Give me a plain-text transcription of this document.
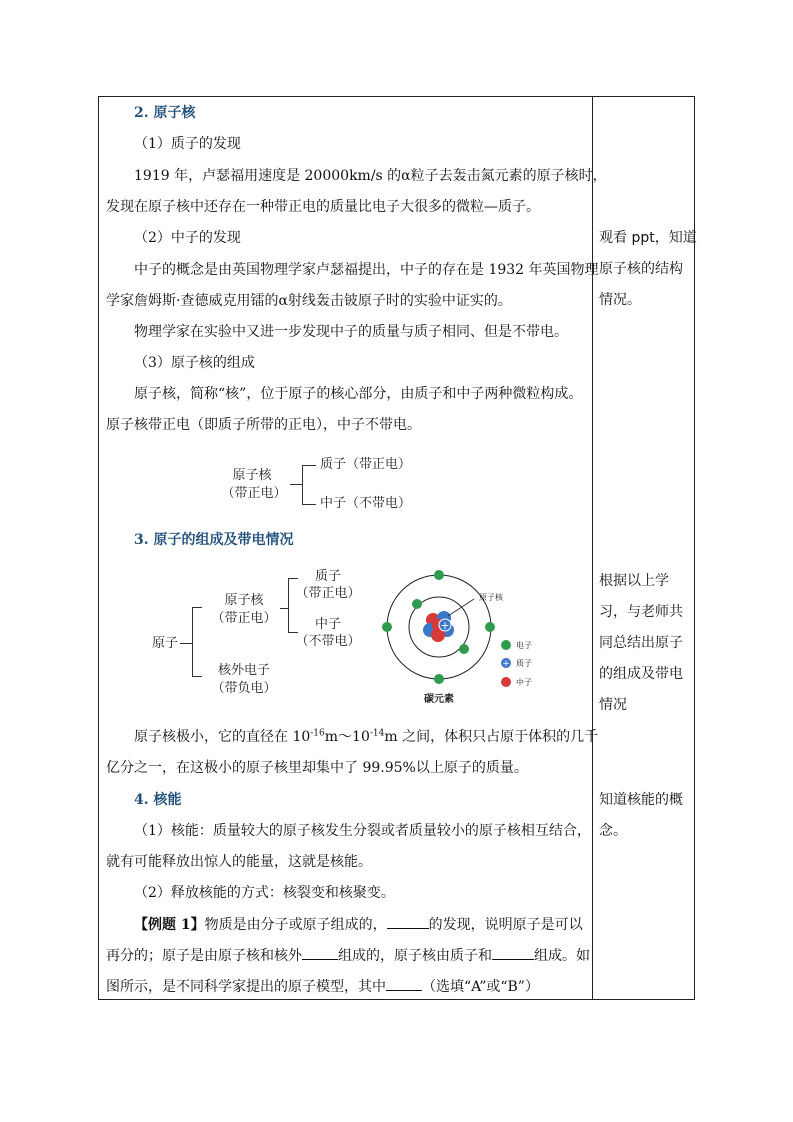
2. 原子核
（1）质子的发现
1919 年，卢瑟福用速度是 20000km/s 的α粒子去轰击氮元素的原子核时，
发现在原子核中还存在一种带正电的质量比电子大很多的微粒—质子。
（2）中子的发现
中子的概念是由英国物理学家卢瑟福提出，中子的存在是 1932 年英国物理
学家詹姆斯·查德威克用镭的α射线轰击铍原子时的实验中证实的。
物理学家在实验中又进一步发现中子的质量与质子相同、但是不带电。
（3）原子核的组成
原子核，简称“核”，位于原子的核心部分，由质子和中子两种微粒构成。
原子核带正电（即质子所带的正电），中子不带电。
原子核
（带正电）
质子（带正电）
中子（不带电）
3. 原子的组成及带电情况
原子
原子核
（带正电）
质子
（带正电）
中子
（不带电）
核外电子
（带负电）
+
原子核
电子
+ 质子
中子
碳元素
原子核极小，它的直径在 $10^{-16}m\sim 10^{-14}m$ 之间，体积只占原于体积的几千
亿分之一，在这极小的原子核里却集中了 99.95%以上原子的质量。
4. 核能
（1）核能：质量较大的原子核发生分裂或者质量较小的原子核相互结合，
就有可能释放出惊人的能量，这就是核能。
（2）释放核能的方式：核裂变和核聚变。
【例题 1】物质是由分子或原子组成的，	的发现，说明原子是可以
再分的；原子是由原子核和核外	组成的，原子核由质子和	组成。如
图所示，是不同科学家提出的原子模型，其中	（选填“A”或“B”）
观看 ppt，知道
原子核的结构
情况。
根据以上学
习，与老师共
同总结出原子
的组成及带电
情况
知道核能的概
念。
